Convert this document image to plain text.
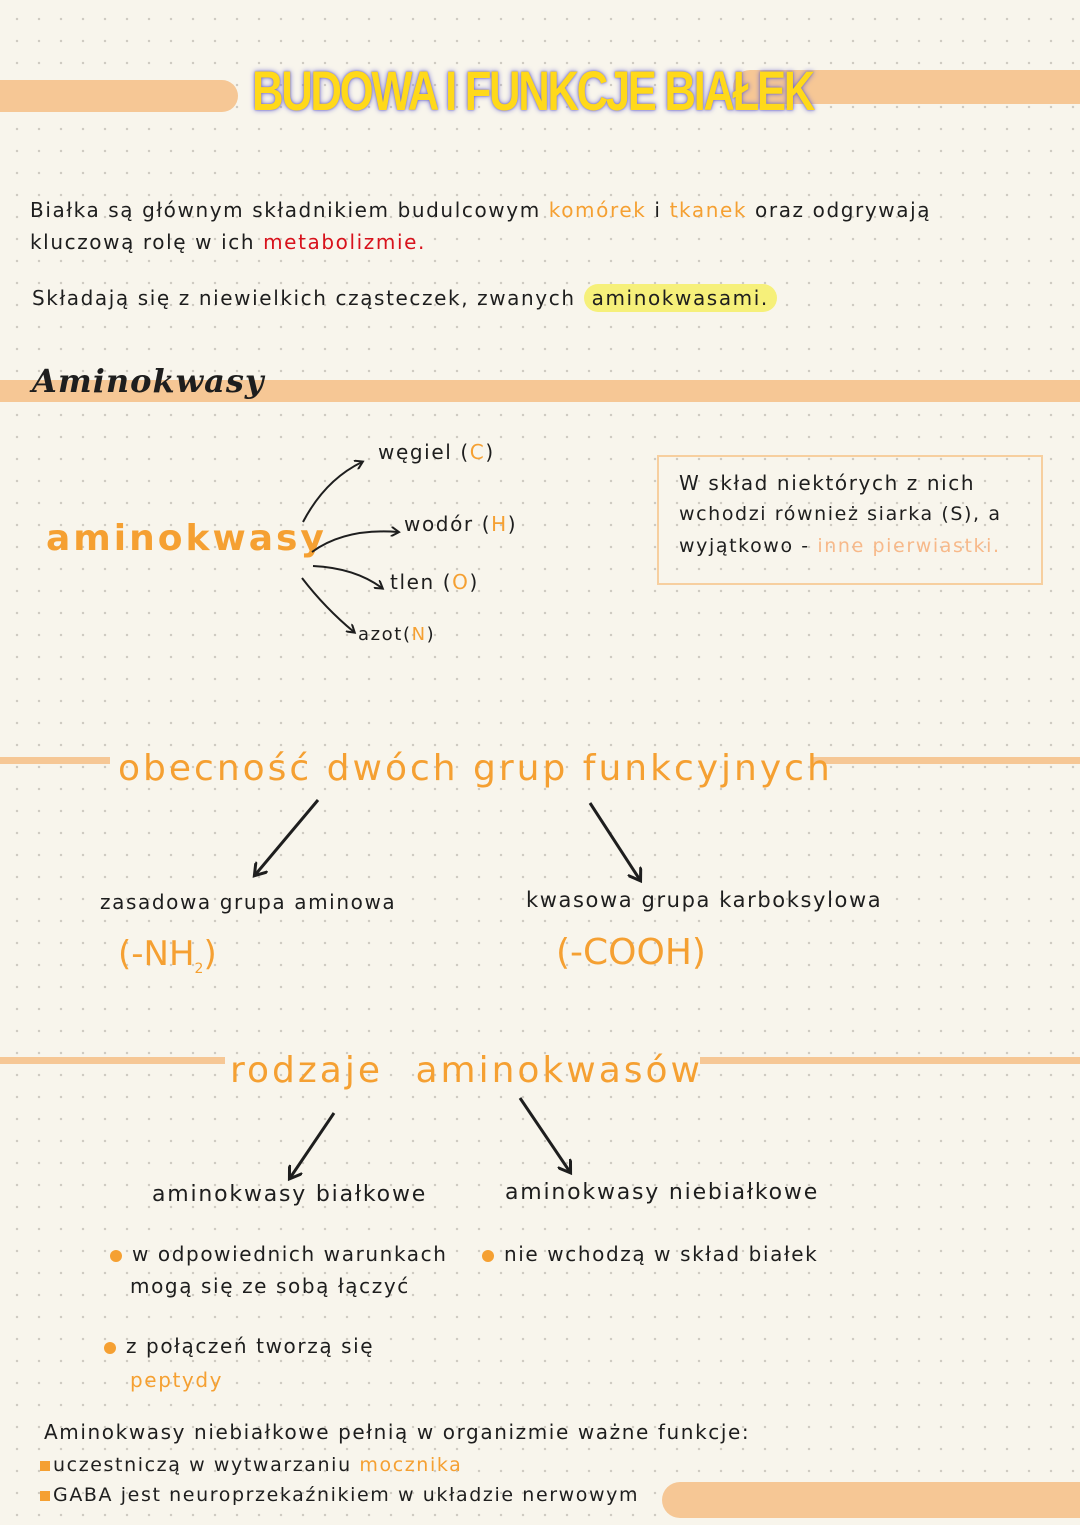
BUDOWA I FUNKCJE BIAŁEK
Białka są głównym składnikiem budulcowym komórek i tkanek oraz odgrywają
kluczową rolę w ich metabolizmie.
Składają się z niewielkich cząsteczek, zwanych aminokwasami.
Aminokwasy
aminokwasy
węgiel (C)
wodór (H)
tlen (O)
azot(N)
W skład niektórych z nich
wchodzi również siarka (S), a
wyjątkowo - inne pierwiastki.
obecność dwóch grup funkcyjnych
zasadowa grupa aminowa
$(-NH_2)$
kwasowa grupa karboksylowa
(-COOH)
rodzaje aminokwasów
aminokwasy białkowe	aminokwasy niebiałkowe
w odpowiednich warunkach
mogą się ze sobą łączyć
z połączeń tworzą się
peptydy
nie wchodzą w skład białek
Aminokwasy niebiałkowe pełnią w organizmie ważne funkcje:
uczestniczą w wytwarzaniu mocznika
GABA jest neuroprzekaźnikiem w układzie nerwowym
